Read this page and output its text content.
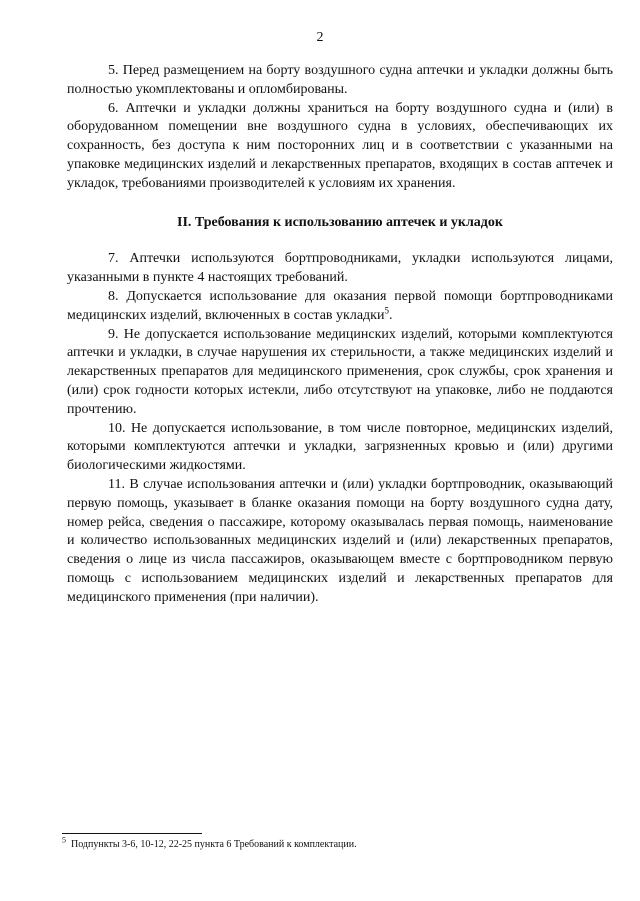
2

5. Перед размещением на борту воздушного судна аптечки и укладки должны быть полностью укомплектованы и опломбированы.

6. Аптечки и укладки должны храниться на борту воздушного судна и (или) в оборудованном помещении вне воздушного судна в условиях, обеспечивающих их сохранность, без доступа к ним посторонних лиц и в соответствии с указанными на упаковке медицинских изделий и лекарственных препаратов, входящих в состав аптечек и укладок, требованиями производителей к условиям их хранения.

II. Требования к использованию аптечек и укладок

7. Аптечки используются бортпроводниками, укладки используются лицами, указанными в пункте 4 настоящих требований.

8. Допускается использование для оказания первой помощи бортпроводниками медицинских изделий, включенных в состав укладки$^5$.

9. Не допускается использование медицинских изделий, которыми комплектуются аптечки и укладки, в случае нарушения их стерильности, а также медицинских изделий и лекарственных препаратов для медицинского применения, срок службы, срок хранения и (или) срок годности которых истекли, либо отсутствуют на упаковке, либо не поддаются прочтению.

10. Не допускается использование, в том числе повторное, медицинских изделий, которыми комплектуются аптечки и укладки, загрязненных кровью и (или) другими биологическими жидкостями.

11. В случае использования аптечки и (или) укладки бортпроводник, оказывающий первую помощь, указывает в бланке оказания помощи на борту воздушного судна дату, номер рейса, сведения о пассажире, которому оказывалась первая помощь, наименование и количество использованных медицинских изделий и (или) лекарственных препаратов, сведения о лице из числа пассажиров, оказывающем вместе с бортпроводником первую помощь с использованием медицинских изделий и лекарственных препаратов для медицинского применения (при наличии).

$^5$ Подпункты 3-6, 10-12, 22-25 пункта 6 Требований к комплектации.
